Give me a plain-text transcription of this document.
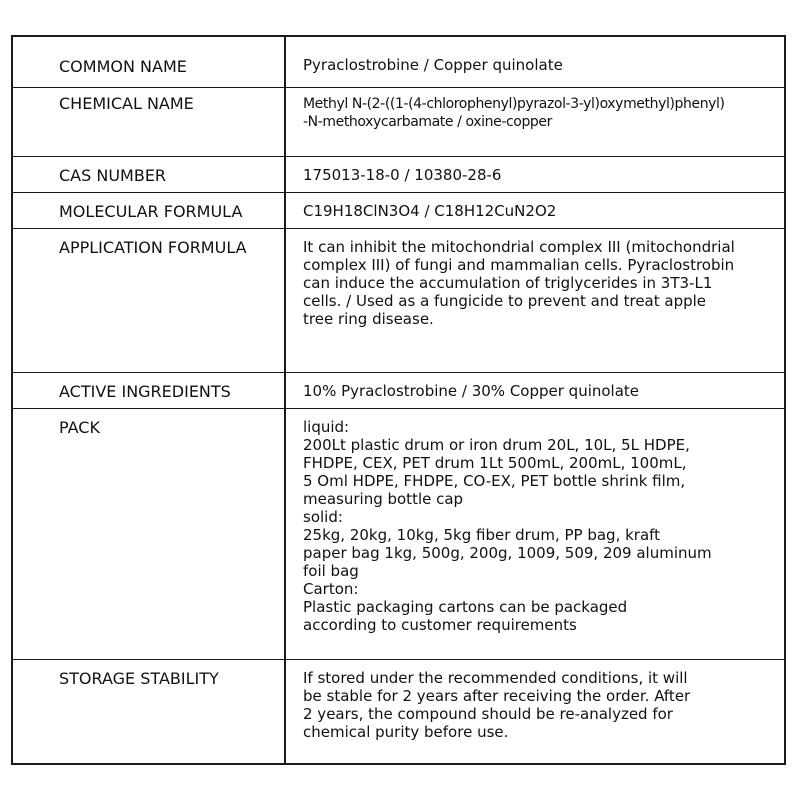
COMMON NAME	Pyraclostrobine / Copper quinolate
CHEMICAL NAME	Methyl N-(2-((1-(4-chlorophenyl)pyrazol-3-yl)oxymethyl)phenyl)
-N-methoxycarbamate / oxine-copper
CAS NUMBER	175013-18-0 / 10380-28-6
MOLECULAR FORMULA	C19H18ClN3O4 / C18H12CuN2O2
APPLICATION FORMULA	It can inhibit the mitochondrial complex III (mitochondrial
complex III) of fungi and mammalian cells. Pyraclostrobin
can induce the accumulation of triglycerides in 3T3-L1
cells. / Used as a fungicide to prevent and treat apple
tree ring disease.
ACTIVE INGREDIENTS	10% Pyraclostrobine / 30% Copper quinolate
PACK	liquid:
200Lt plastic drum or iron drum 20L, 10L, 5L HDPE,
FHDPE, CEX, PET drum 1Lt 500mL, 200mL, 100mL,
5 Oml HDPE, FHDPE, CO-EX, PET bottle shrink film,
measuring bottle cap
solid:
25kg, 20kg, 10kg, 5kg fiber drum, PP bag, kraft
paper bag 1kg, 500g, 200g, 1009, 509, 209 aluminum
foil bag
Carton:
Plastic packaging cartons can be packaged
according to customer requirements
STORAGE STABILITY	If stored under the recommended conditions, it will
be stable for 2 years after receiving the order. After
2 years, the compound should be re-analyzed for
chemical purity before use.
